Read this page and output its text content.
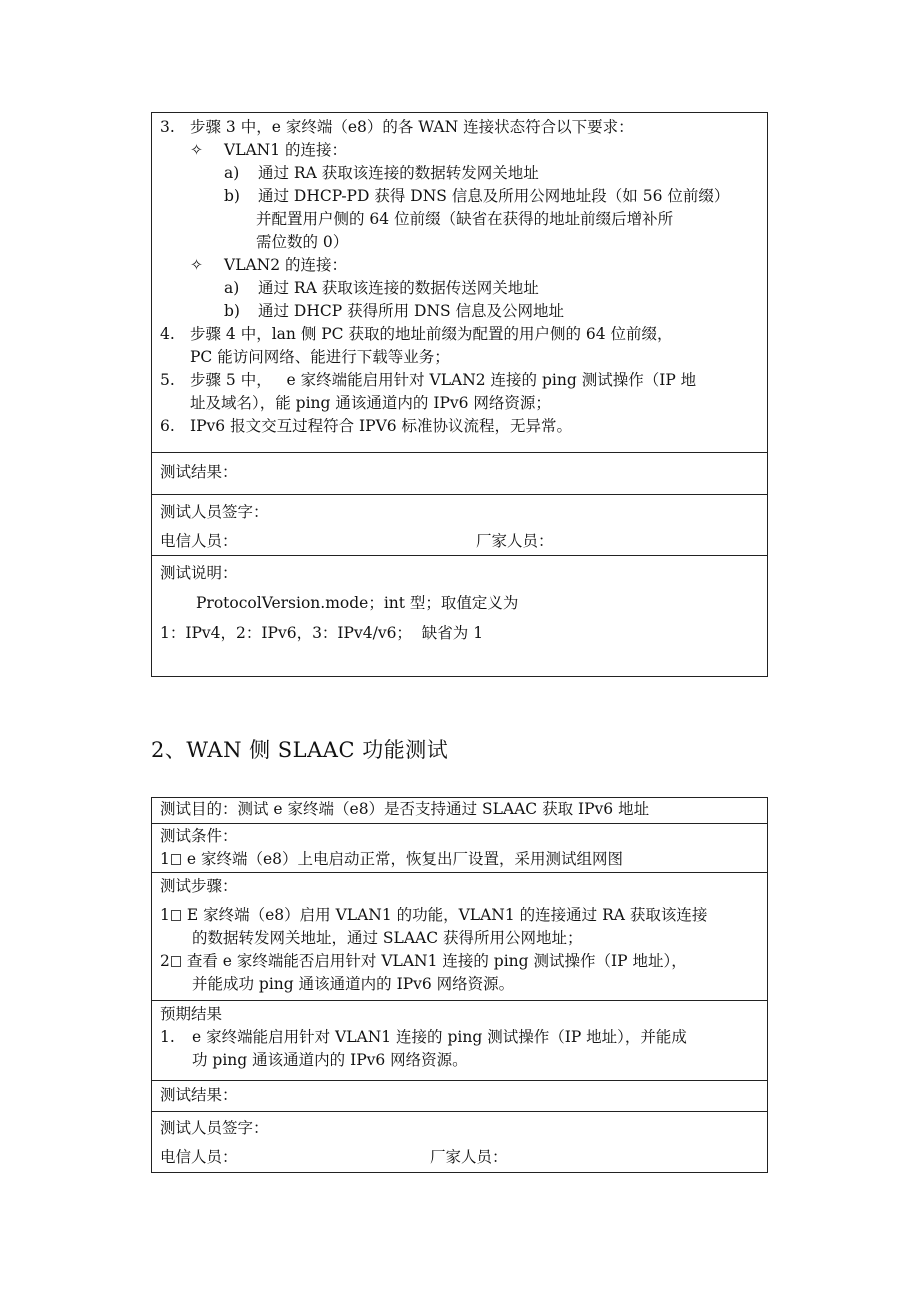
3. 步骤 3 中，e 家终端（e8）的各 WAN 连接状态符合以下要求：
✧ VLAN1 的连接：
a) 通过 RA 获取该连接的数据转发网关地址
b) 通过 DHCP-PD 获得 DNS 信息及所用公网地址段（如 56 位前缀）
并配置用户侧的 64 位前缀（缺省在获得的地址前缀后增补所
需位数的 0）
✧ VLAN2 的连接：
a) 通过 RA 获取该连接的数据传送网关地址
b) 通过 DHCP 获得所用 DNS 信息及公网地址
4. 步骤 4 中，lan 侧 PC 获取的地址前缀为配置的用户侧的 64 位前缀，
PC 能访问网络、能进行下载等业务；
5. 步骤 5 中，   e 家终端能启用针对 VLAN2 连接的 ping 测试操作（IP 地
址及域名），能 ping 通该通道内的 IPv6 网络资源；
6. IPv6 报文交互过程符合 IPV6 标准协议流程，无异常。
测试结果：
测试人员签字：
电信人员：	厂家人员：
测试说明：
ProtocolVersion.mode；int 型；取值定义为
1：IPv4，2：IPv6，3：IPv4/v6；  缺省为 1
2、WAN 侧 SLAAC 功能测试
测试目的：测试 e 家终端（e8）是否支持通过 SLAAC 获取 IPv6 地址
测试条件：
1 e 家终端（e8）上电启动正常，恢复出厂设置，采用测试组网图
测试步骤：
1 E 家终端（e8）启用 VLAN1 的功能，VLAN1 的连接通过 RA 获取该连接
的数据转发网关地址，通过 SLAAC 获得所用公网地址；
2 查看 e 家终端能否启用针对 VLAN1 连接的 ping 测试操作（IP 地址），
并能成功 ping 通该通道内的 IPv6 网络资源。
预期结果
1. e 家终端能启用针对 VLAN1 连接的 ping 测试操作（IP 地址），并能成
功 ping 通该通道内的 IPv6 网络资源。
测试结果：
测试人员签字：
电信人员：	厂家人员：
